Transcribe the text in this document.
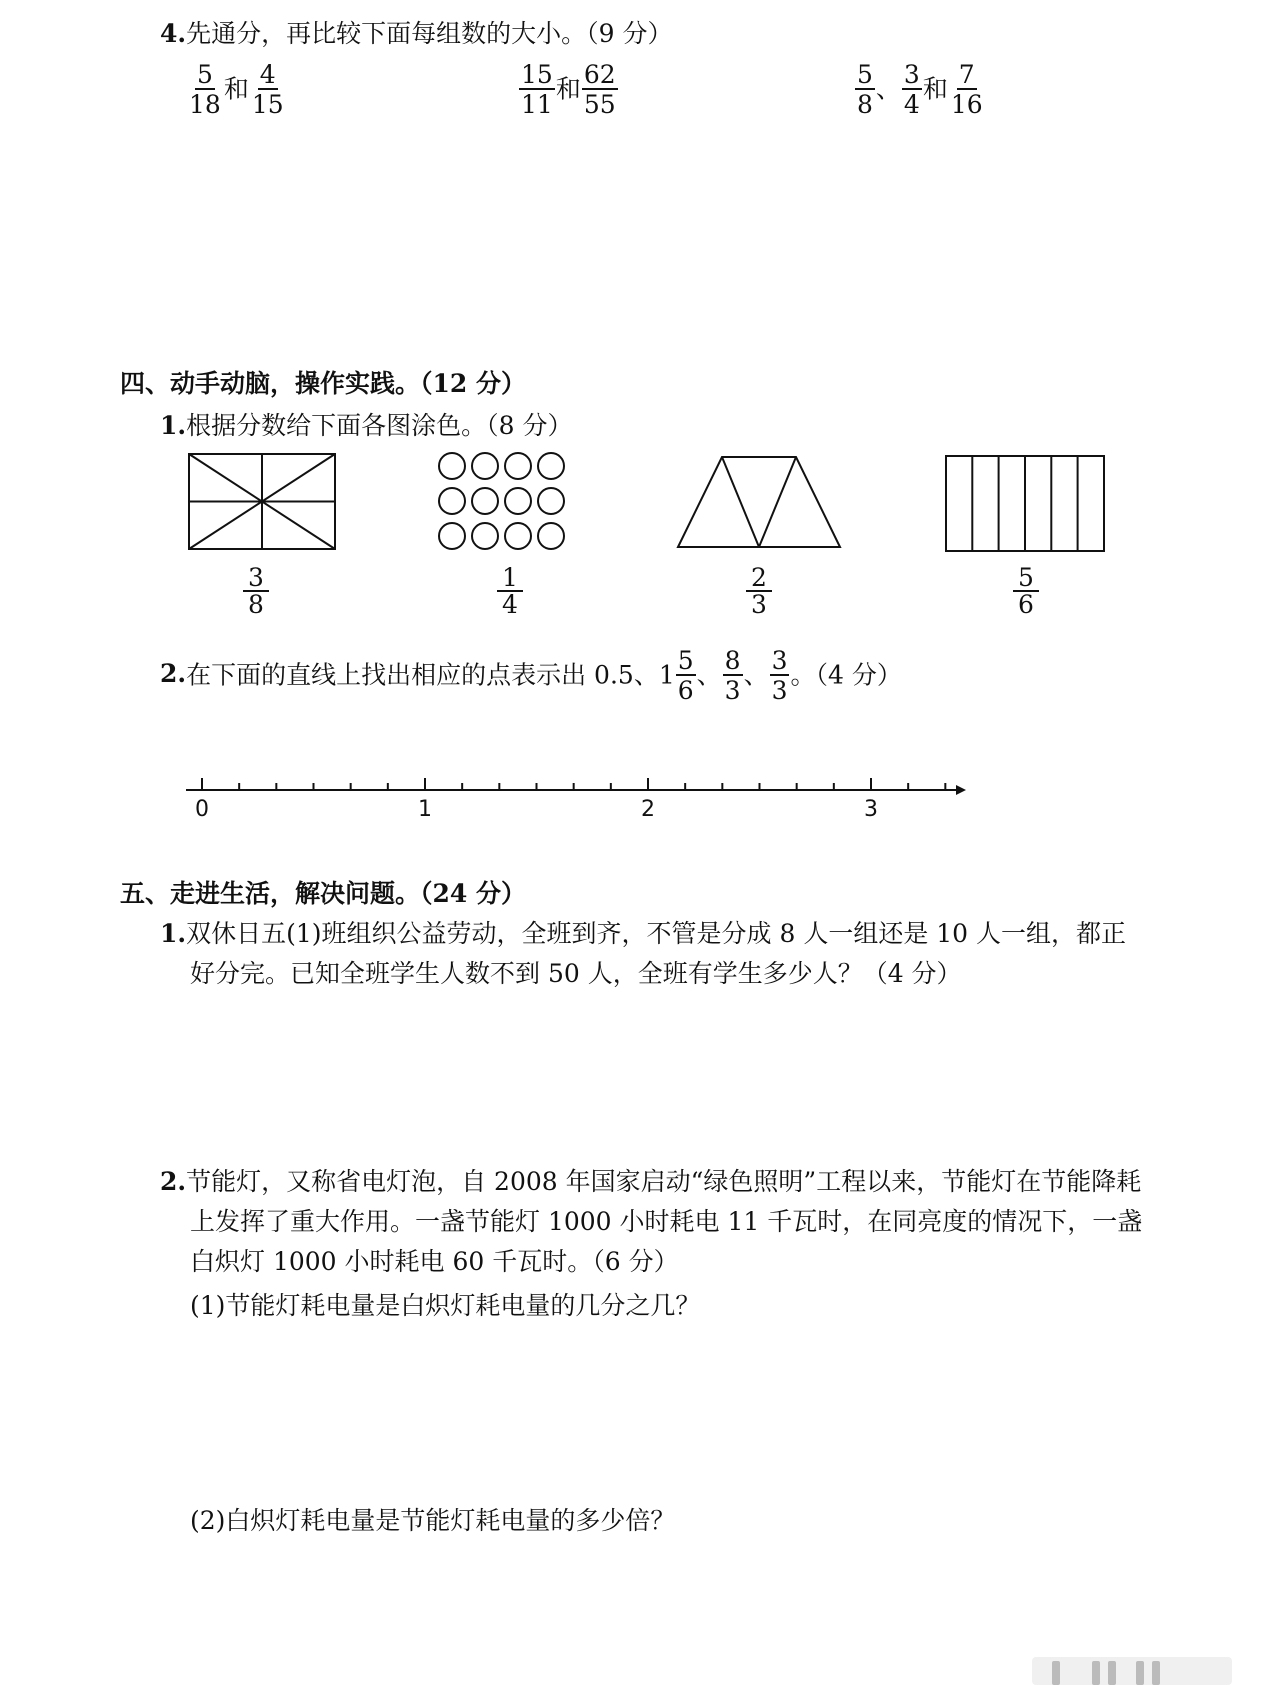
4.先通分，再比较下面每组数的大小。（9 分）
$\frac{5}{18}$ 和 $\frac{4}{15}$	$\frac{15}{11}$ 和 $\frac{62}{55}$	$\frac{5}{8}$ 、 $\frac{3}{4}$ 和 $\frac{7}{16}$
四、动手动脑，操作实践。（12 分）
1.根据分数给下面各图涂色。（8 分）
$\frac{3}{8}$	$\frac{1}{4}$	$\frac{2}{3}$	$\frac{5}{6}$
2.在下面的直线上找出相应的点表示出 0.5、$1 \frac{5}{6}$ 、 $\frac{8}{3}$ 、 $\frac{3}{3}$ 。（4 分）
0	1	2	3
五、走进生活，解决问题。（24 分）
1.双休日五(1)班组织公益劳动，全班到齐，不管是分成 8 人一组还是 10 人一组，都正
好分完。已知全班学生人数不到 50 人，全班有学生多少人？（4 分）
2.节能灯，又称省电灯泡，自 2008 年国家启动“绿色照明”工程以来，节能灯在节能降耗
上发挥了重大作用。一盏节能灯 1000 小时耗电 11 千瓦时，在同亮度的情况下，一盏
白炽灯 1000 小时耗电 60 千瓦时。（6 分）
(1)节能灯耗电量是白炽灯耗电量的几分之几？
(2)白炽灯耗电量是节能灯耗电量的多少倍？
